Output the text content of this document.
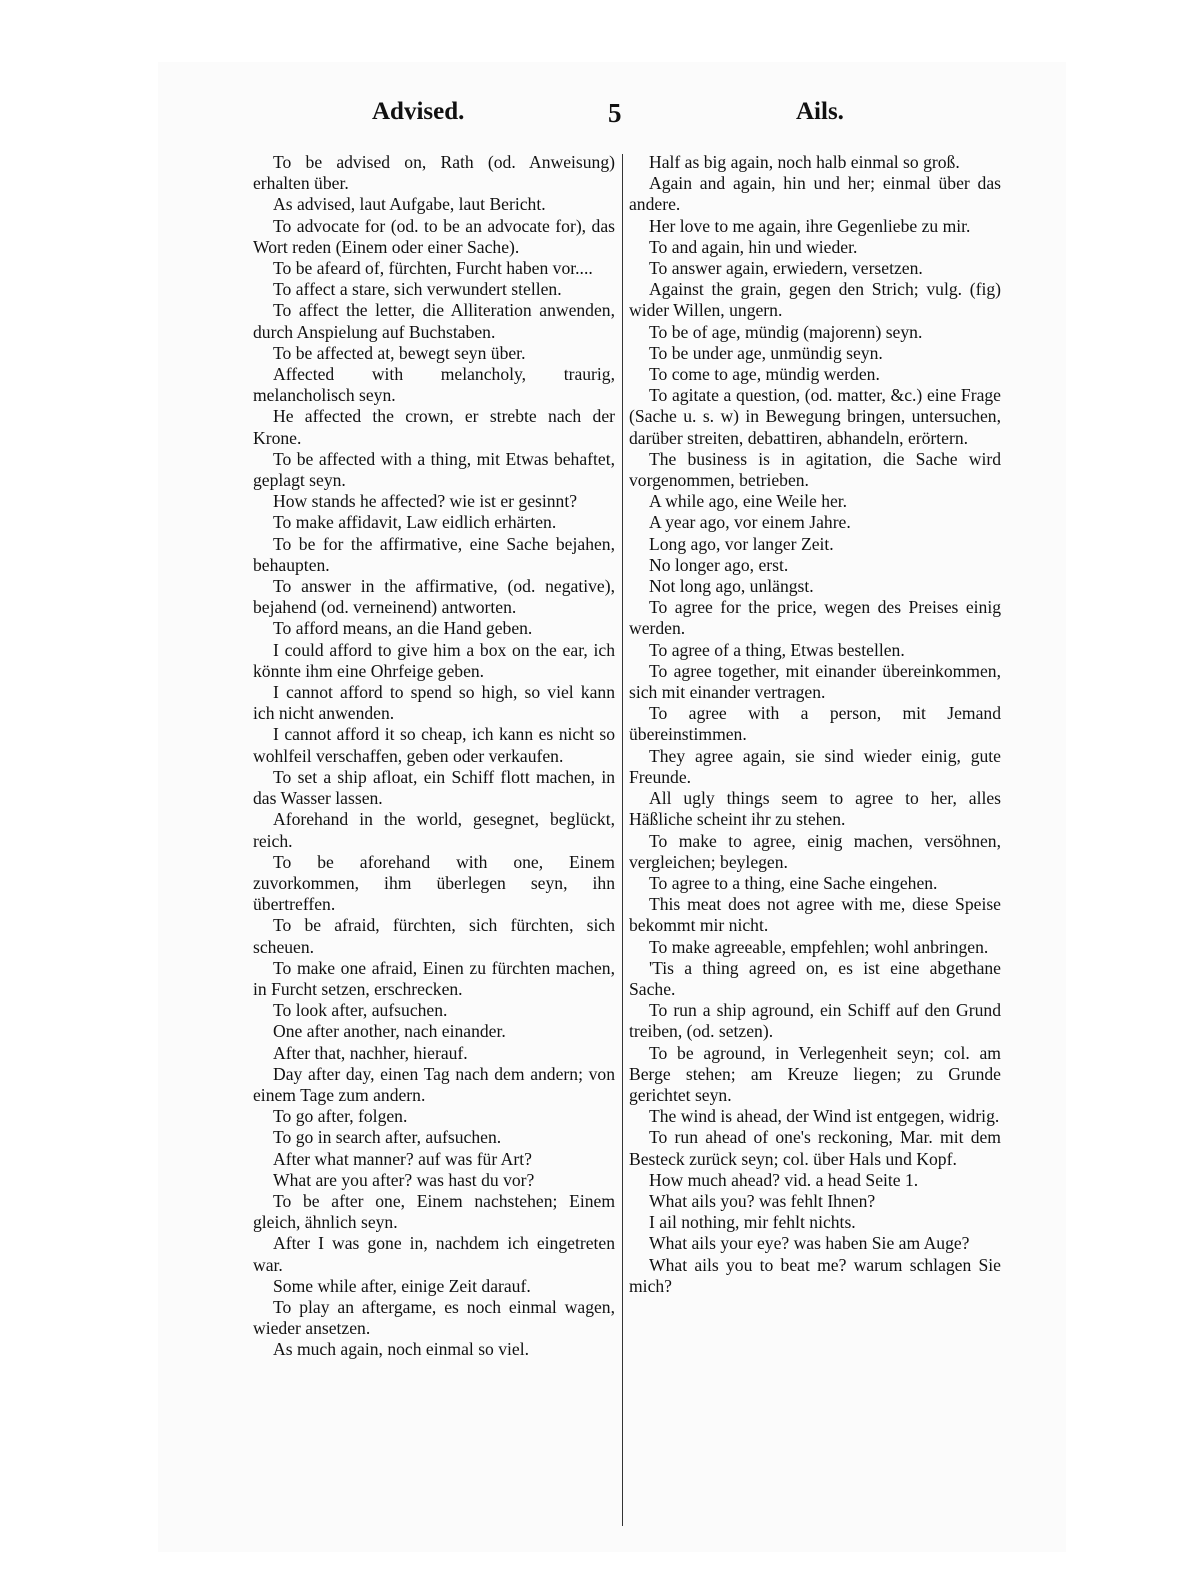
Advised.	5	Ails.

To be advised on, Rath (od. Anweisung) erhalten über.

As advised, laut Aufgabe, laut Bericht.

To advocate for (od. to be an advocate for), das Wort reden (Einem oder einer Sache).

To be afeard of, fürchten, Furcht haben vor....

To affect a stare, sich verwundert stellen.

To affect the letter, die Alliteration anwenden, durch Anspielung auf Buchstaben.

To be affected at, bewegt seyn über.

Affected with melancholy, traurig, melancholisch seyn.

He affected the crown, er strebte nach der Krone.

To be affected with a thing, mit Etwas behaftet, geplagt seyn.

How stands he affected? wie ist er gesinnt?

To make affidavit, Law eidlich erhärten.

To be for the affirmative, eine Sache bejahen, behaupten.

To answer in the affirmative, (od. negative), bejahend (od. verneinend) antworten.

To afford means, an die Hand geben.

I could afford to give him a box on the ear, ich könnte ihm eine Ohrfeige geben.

I cannot afford to spend so high, so viel kann ich nicht anwenden.

I cannot afford it so cheap, ich kann es nicht so wohlfeil verschaffen, geben oder verkaufen.

To set a ship afloat, ein Schiff flott machen, in das Wasser lassen.

Aforehand in the world, gesegnet, beglückt, reich.

To be aforehand with one, Einem zuvorkommen, ihm überlegen seyn, ihn übertreffen.

To be afraid, fürchten, sich fürchten, sich scheuen.

To make one afraid, Einen zu fürchten machen, in Furcht setzen, erschrecken.

To look after, aufsuchen.

One after another, nach einander.

After that, nachher, hierauf.

Day after day, einen Tag nach dem andern; von einem Tage zum andern.

To go after, folgen.

To go in search after, aufsuchen.

After what manner? auf was für Art?

What are you after? was hast du vor?

To be after one, Einem nachstehen; Einem gleich, ähnlich seyn.

After I was gone in, nachdem ich eingetreten war.

Some while after, einige Zeit darauf.

To play an aftergame, es noch einmal wagen, wieder ansetzen.

As much again, noch einmal so viel.

Half as big again, noch halb einmal so groß.

Again and again, hin und her; einmal über das andere.

Her love to me again, ihre Gegenliebe zu mir.

To and again, hin und wieder.

To answer again, erwiedern, versetzen.

Against the grain, gegen den Strich; vulg. (fig) wider Willen, ungern.

To be of age, mündig (majorenn) seyn.

To be under age, unmündig seyn.

To come to age, mündig werden.

To agitate a question, (od. matter, &c.) eine Frage (Sache u. s. w) in Bewegung bringen, untersuchen, darüber streiten, debattiren, abhandeln, erörtern.

The business is in agitation, die Sache wird vorgenommen, betrieben.

A while ago, eine Weile her.

A year ago, vor einem Jahre.

Long ago, vor langer Zeit.

No longer ago, erst.

Not long ago, unlängst.

To agree for the price, wegen des Preises einig werden.

To agree of a thing, Etwas bestellen.

To agree together, mit einander übereinkommen, sich mit einander vertragen.

To agree with a person, mit Jemand übereinstimmen.

They agree again, sie sind wieder einig, gute Freunde.

All ugly things seem to agree to her, alles Häßliche scheint ihr zu stehen.

To make to agree, einig machen, versöhnen, vergleichen; beylegen.

To agree to a thing, eine Sache eingehen.

This meat does not agree with me, diese Speise bekommt mir nicht.

To make agreeable, empfehlen; wohl anbringen.

'Tis a thing agreed on, es ist eine abgethane Sache.

To run a ship aground, ein Schiff auf den Grund treiben, (od. setzen).

To be aground, in Verlegenheit seyn; col. am Berge stehen; am Kreuze liegen; zu Grunde gerichtet seyn.

The wind is ahead, der Wind ist entgegen, widrig.

To run ahead of one's reckoning, Mar. mit dem Besteck zurück seyn; col. über Hals und Kopf.

How much ahead? vid. a head Seite 1.

What ails you? was fehlt Ihnen?

I ail nothing, mir fehlt nichts.

What ails your eye? was haben Sie am Auge?

What ails you to beat me? warum schlagen Sie mich?
